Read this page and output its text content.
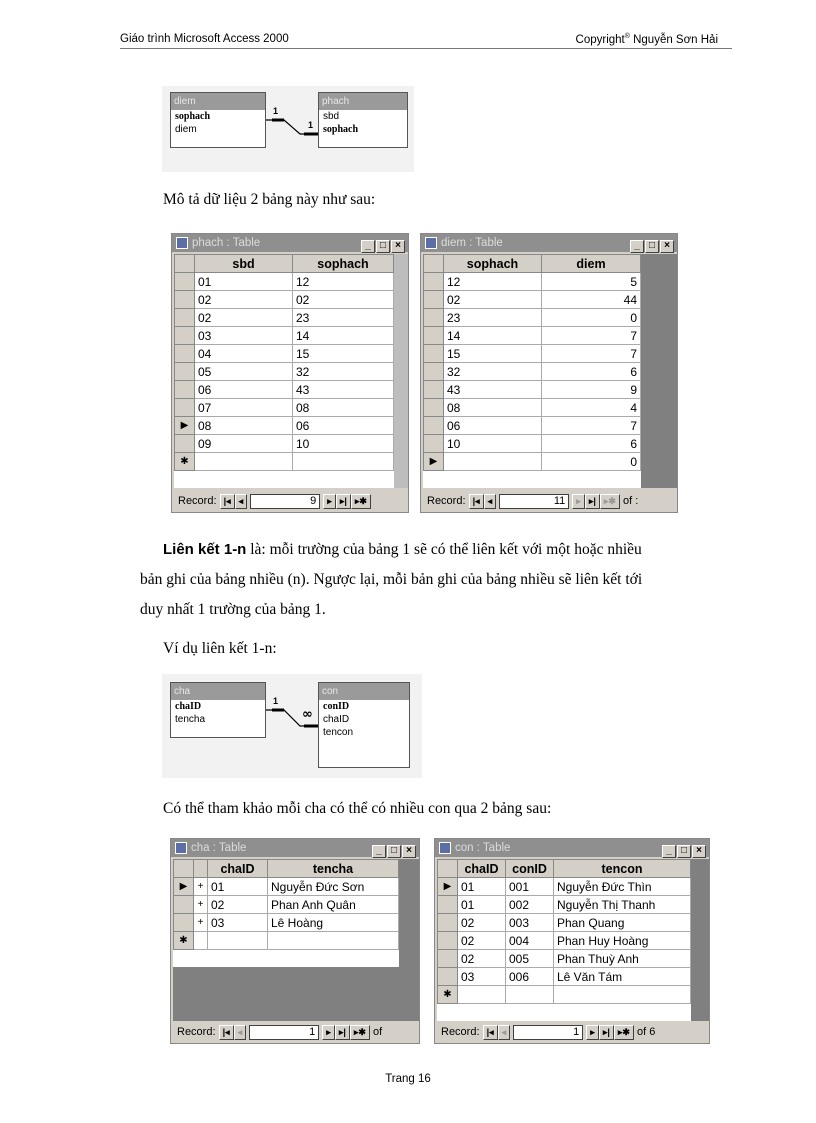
Giáo trình Microsoft Access 2000	Copyright® Nguyễn Sơn Hải
diem
sophach
diem
phach
sbd
sophach
1
1
Mô tả dữ liệu 2 bảng này như sau:
phach : Table	_ □ ×
	sbd	sophach
	01	12
	02	02
	02	23
	03	14
	04	15
	05	32
	06	43
	07	08
▶	08	06
	09	10
✱		
Record: |◂ ◂	9 ▸ ▸| ▸✱
diem : Table	_ □ ×
	sophach	diem
	12	5
	02	44
	23	0
	14	7
	15	7
	32	6
	43	9
	08	4
	06	7
	10	6
▶		0
Record: |◂ ◂	11 ▸ ▸| ▸✱ of :
Liên kết 1-n là: mỗi trường của bảng 1 sẽ có thể liên kết với một hoặc nhiều
bản ghi của bảng nhiều (n). Ngược lại, mỗi bản ghi của bảng nhiều sẽ liên kết tới
duy nhất 1 trường của bảng 1.
Ví dụ liên kết 1-n:
cha
chaID
tencha
con
conID
chaID
tencon
1
∞
Có thể tham khảo mỗi cha có thể có nhiều con qua 2 bảng sau:
cha : Table	_ □ ×
		chaID	tencha
▶	+	01	Nguyễn Đức Sơn
	+	02	Phan Anh Quân
	+	03	Lê Hoàng
✱			
Record: |◂ ◂	1 ▸ ▸| ▸✱ of
con : Table	_ □ ×
	chaID	conID	tencon
▶	01	001	Nguyễn Đức Thìn
	01	002	Nguyễn Thị Thanh
	02	003	Phan Quang
	02	004	Phan Huy Hoàng
	02	005	Phan Thuỳ Anh
	03	006	Lê Văn Tám
✱			
Record: |◂ ◂	1 ▸ ▸| ▸✱ of 6
Trang 16
